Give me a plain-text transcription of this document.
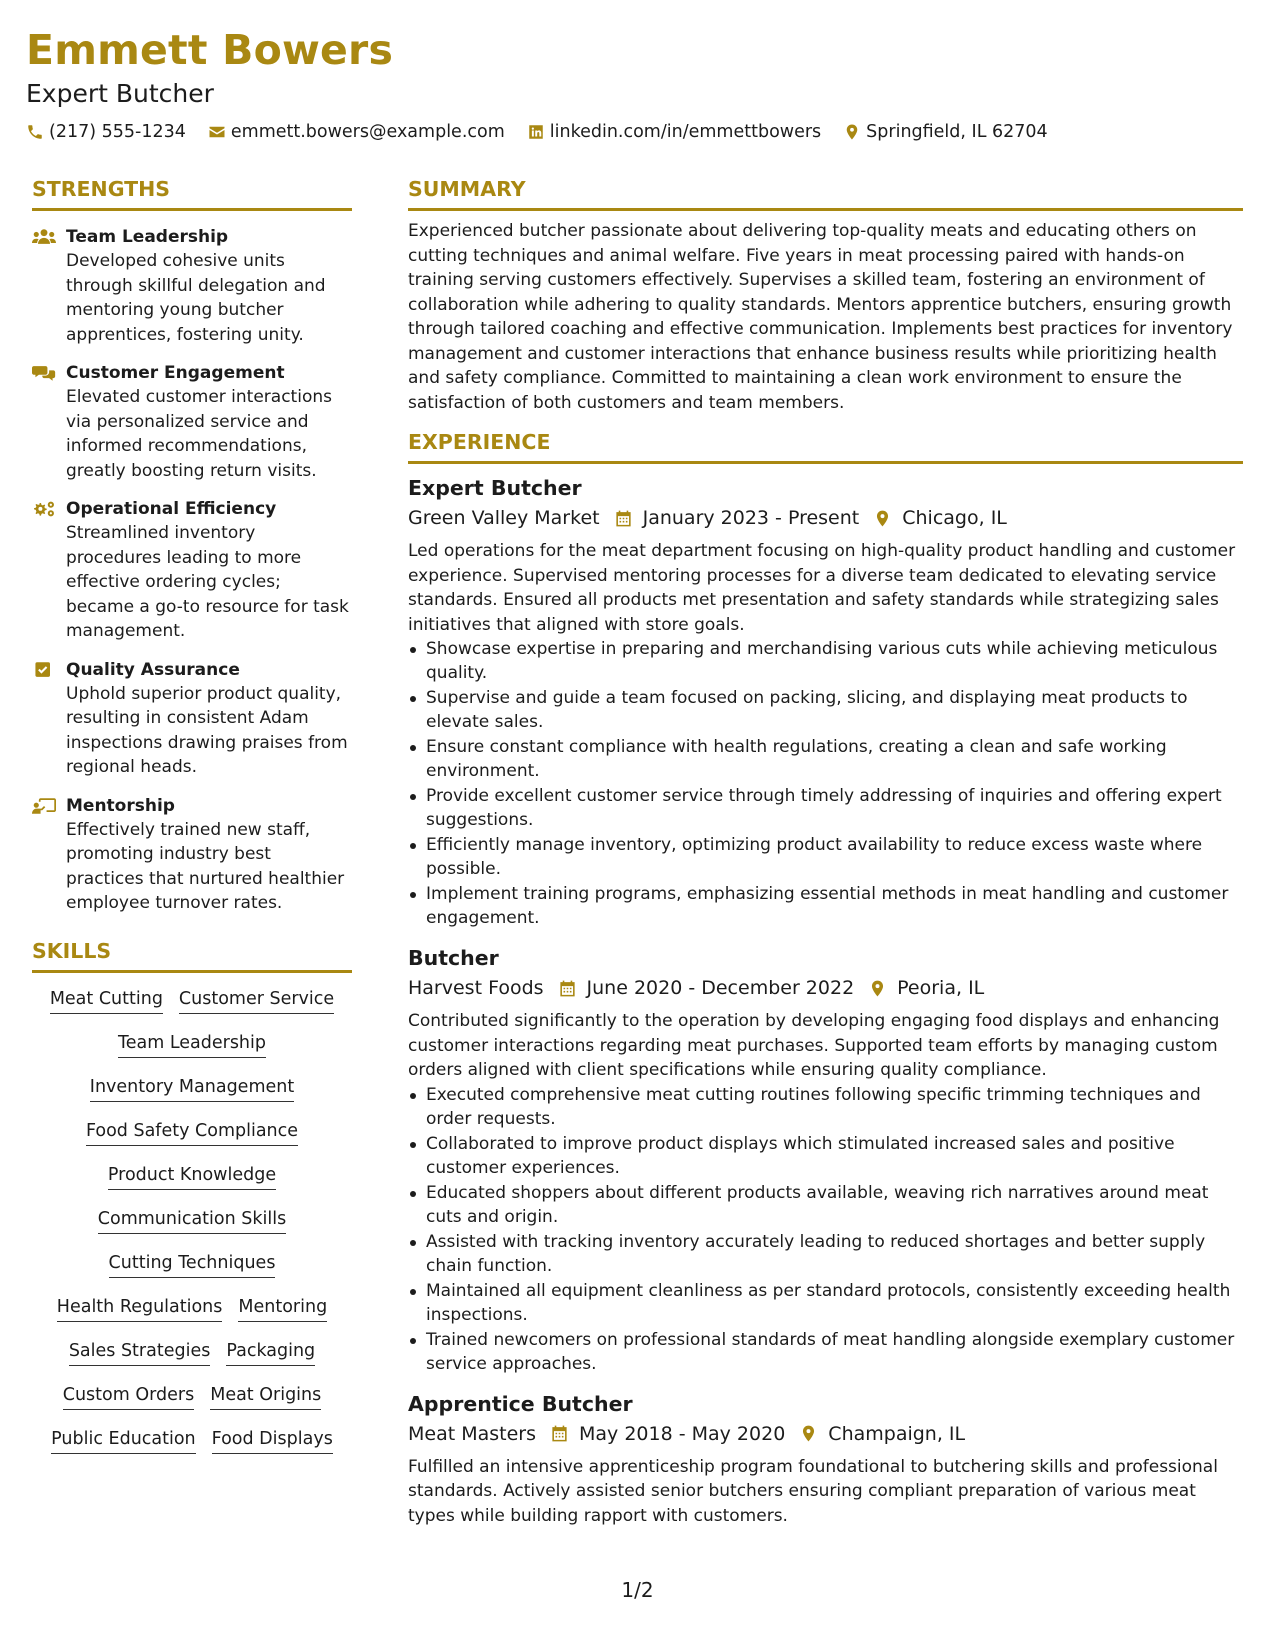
Emmett Bowers
Expert Butcher
(217) 555-1234	emmett.bowers@example.com	linkedin.com/in/emmettbowers	Springfield, IL 62704
STRENGTHS
Team Leadership
Developed cohesive units through skillful delegation and mentoring young butcher apprentices, fostering unity.
Customer Engagement
Elevated customer interactions via personalized service and informed recommendations, greatly boosting return visits.
Operational Efficiency
Streamlined inventory procedures leading to more effective ordering cycles; became a go-to resource for task management.
Quality Assurance
Uphold superior product quality, resulting in consistent Adam inspections drawing praises from regional heads.
Mentorship
Effectively trained new staff, promoting industry best practices that nurtured healthier employee turnover rates.
SKILLS
Meat Cutting Customer Service
Team Leadership
Inventory Management
Food Safety Compliance
Product Knowledge
Communication Skills
Cutting Techniques
Health Regulations Mentoring
Sales Strategies Packaging
Custom Orders Meat Origins
Public Education Food Displays
SUMMARY

Experienced butcher passionate about delivering top-quality meats and educating others on cutting techniques and animal welfare. Five years in meat processing paired with hands-on training serving customers effectively. Supervises a skilled team, fostering an environment of collaboration while adhering to quality standards. Mentors apprentice butchers, ensuring growth through tailored coaching and effective communication. Implements best practices for inventory management and customer interactions that enhance business results while prioritizing health and safety compliance. Committed to maintaining a clean work environment to ensure the satisfaction of both customers and team members.

EXPERIENCE
Expert Butcher
Green Valley Market January 2023 - Present Chicago, IL

Led operations for the meat department focusing on high-quality product handling and customer experience. Supervised mentoring processes for a diverse team dedicated to elevating service standards. Ensured all products met presentation and safety standards while strategizing sales initiatives that aligned with store goals.

Showcase expertise in preparing and merchandising various cuts while achieving meticulous quality.
Supervise and guide a team focused on packing, slicing, and displaying meat products to elevate sales.
Ensure constant compliance with health regulations, creating a clean and safe working environment.
Provide excellent customer service through timely addressing of inquiries and offering expert suggestions.
Efficiently manage inventory, optimizing product availability to reduce excess waste where possible.
Implement training programs, emphasizing essential methods in meat handling and customer engagement.
Butcher
Harvest Foods June 2020 - December 2022 Peoria, IL

Contributed significantly to the operation by developing engaging food displays and enhancing customer interactions regarding meat purchases. Supported team efforts by managing custom orders aligned with client specifications while ensuring quality compliance.

Executed comprehensive meat cutting routines following specific trimming techniques and order requests.
Collaborated to improve product displays which stimulated increased sales and positive customer experiences.
Educated shoppers about different products available, weaving rich narratives around meat cuts and origin.
Assisted with tracking inventory accurately leading to reduced shortages and better supply chain function.
Maintained all equipment cleanliness as per standard protocols, consistently exceeding health inspections.
Trained newcomers on professional standards of meat handling alongside exemplary customer service approaches.
Apprentice Butcher
Meat Masters May 2018 - May 2020 Champaign, IL

Fulfilled an intensive apprenticeship program foundational to butchering skills and professional standards. Actively assisted senior butchers ensuring compliant preparation of various meat types while building rapport with customers.

1/2
